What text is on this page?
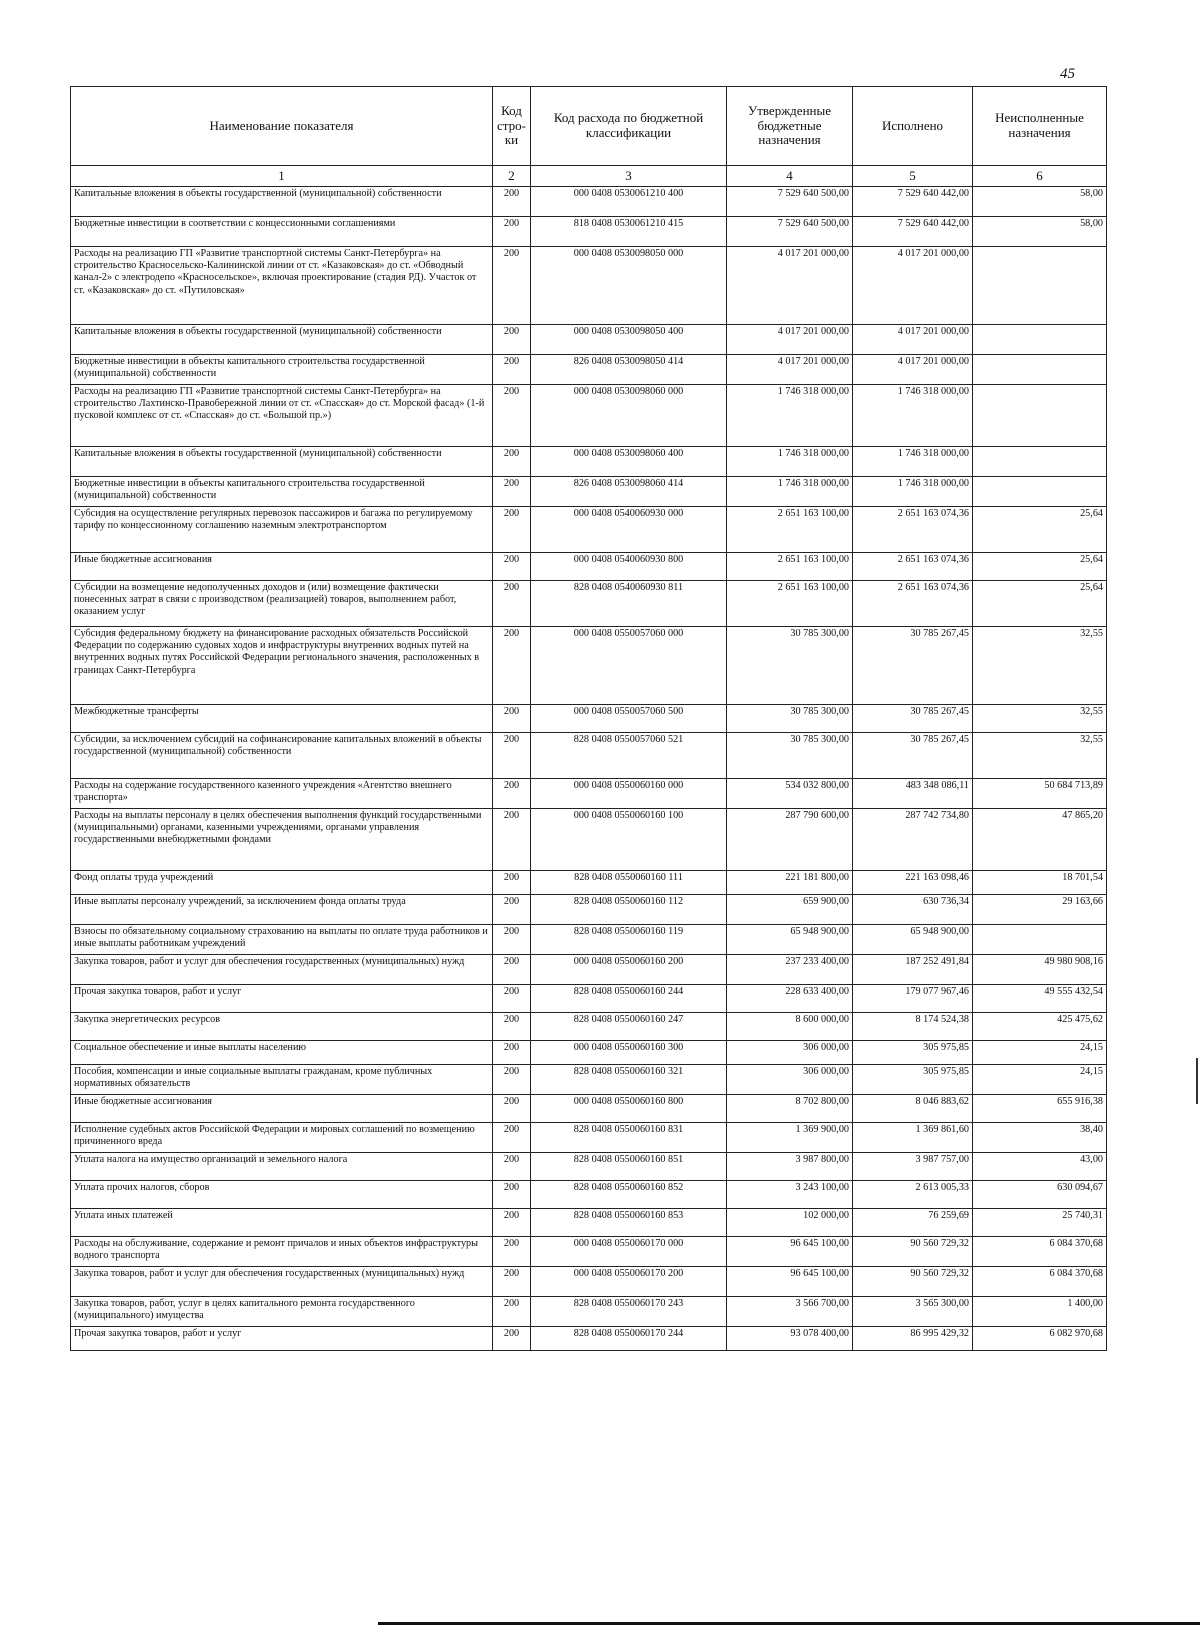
45
Наименование показателя	Код стро-ки	Код расхода по бюджетной классификации	Утвержденные бюджетные назначения	Исполнено	Неисполненные назначения
1	2	3	4	5	6
Капитальные вложения в объекты государственной (муниципальной) собственности	200	000 0408 0530061210 400	7 529 640 500,00	7 529 640 442,00	58,00
Бюджетные инвестиции в соответствии с концессионными соглашениями	200	818 0408 0530061210 415	7 529 640 500,00	7 529 640 442,00	58,00
Расходы на реализацию ГП «Развитие транспортной системы Санкт-Петербурга» на строительство Красносельско-Калининской линии от ст. «Казаковская» до ст. «Обводный канал-2» с электродепо «Красносельское», включая проектирование (стадия РД). Участок от ст. «Казаковская» до ст. «Путиловская»	200	000 0408 0530098050 000	4 017 201 000,00	4 017 201 000,00	
Капитальные вложения в объекты государственной (муниципальной) собственности	200	000 0408 0530098050 400	4 017 201 000,00	4 017 201 000,00	
Бюджетные инвестиции в объекты капитального строительства государственной (муниципальной) собственности	200	826 0408 0530098050 414	4 017 201 000,00	4 017 201 000,00	
Расходы на реализацию ГП «Развитие транспортной системы Санкт-Петербурга» на строительство Лахтинско-Правобережной линии от ст. «Спасская» до ст. Морской фасад» (1-й пусковой комплекс от ст. «Спасская» до ст. «Большой пр.»)	200	000 0408 0530098060 000	1 746 318 000,00	1 746 318 000,00	
Капитальные вложения в объекты государственной (муниципальной) собственности	200	000 0408 0530098060 400	1 746 318 000,00	1 746 318 000,00	
Бюджетные инвестиции в объекты капитального строительства государственной (муниципальной) собственности	200	826 0408 0530098060 414	1 746 318 000,00	1 746 318 000,00	
Субсидия на осуществление регулярных перевозок пассажиров и багажа по регулируемому тарифу по концессионному соглашению наземным электротранспортом	200	000 0408 0540060930 000	2 651 163 100,00	2 651 163 074,36	25,64
Иные бюджетные ассигнования	200	000 0408 0540060930 800	2 651 163 100,00	2 651 163 074,36	25,64
Субсидии на возмещение недополученных доходов и (или) возмещение фактически понесенных затрат в связи с производством (реализацией) товаров, выполнением работ, оказанием услуг	200	828 0408 0540060930 811	2 651 163 100,00	2 651 163 074,36	25,64
Субсидия федеральному бюджету на финансирование расходных обязательств Российской Федерации по содержанию судовых ходов и инфраструктуры внутренних водных путей на внутренних водных путях Российской Федерации регионального значения, расположенных в границах Санкт-Петербурга	200	000 0408 0550057060 000	30 785 300,00	30 785 267,45	32,55
Межбюджетные трансферты	200	000 0408 0550057060 500	30 785 300,00	30 785 267,45	32,55
Субсидии, за исключением субсидий на софинансирование капитальных вложений в объекты государственной (муниципальной) собственности	200	828 0408 0550057060 521	30 785 300,00	30 785 267,45	32,55
Расходы на содержание государственного казенного учреждения «Агентство внешнего транспорта»	200	000 0408 0550060160 000	534 032 800,00	483 348 086,11	50 684 713,89
Расходы на выплаты персоналу в целях обеспечения выполнения функций государственными (муниципальными) органами, казенными учреждениями, органами управления государственными внебюджетными фондами	200	000 0408 0550060160 100	287 790 600,00	287 742 734,80	47 865,20
Фонд оплаты труда учреждений	200	828 0408 0550060160 111	221 181 800,00	221 163 098,46	18 701,54
Иные выплаты персоналу учреждений, за исключением фонда оплаты труда	200	828 0408 0550060160 112	659 900,00	630 736,34	29 163,66
Взносы по обязательному социальному страхованию на выплаты по оплате труда работников и иные выплаты работникам учреждений	200	828 0408 0550060160 119	65 948 900,00	65 948 900,00	
Закупка товаров, работ и услуг для обеспечения государственных (муниципальных) нужд	200	000 0408 0550060160 200	237 233 400,00	187 252 491,84	49 980 908,16
Прочая закупка товаров, работ и услуг	200	828 0408 0550060160 244	228 633 400,00	179 077 967,46	49 555 432,54
Закупка энергетических ресурсов	200	828 0408 0550060160 247	8 600 000,00	8 174 524,38	425 475,62
Социальное обеспечение и иные выплаты населению	200	000 0408 0550060160 300	306 000,00	305 975,85	24,15
Пособия, компенсации и иные социальные выплаты гражданам, кроме публичных нормативных обязательств	200	828 0408 0550060160 321	306 000,00	305 975,85	24,15
Иные бюджетные ассигнования	200	000 0408 0550060160 800	8 702 800,00	8 046 883,62	655 916,38
Исполнение судебных актов Российской Федерации и мировых соглашений по возмещению причиненного вреда	200	828 0408 0550060160 831	1 369 900,00	1 369 861,60	38,40
Уплата налога на имущество организаций и земельного налога	200	828 0408 0550060160 851	3 987 800,00	3 987 757,00	43,00
Уплата прочих налогов, сборов	200	828 0408 0550060160 852	3 243 100,00	2 613 005,33	630 094,67
Уплата иных платежей	200	828 0408 0550060160 853	102 000,00	76 259,69	25 740,31
Расходы на обслуживание, содержание и ремонт причалов и иных объектов инфраструктуры водного транспорта	200	000 0408 0550060170 000	96 645 100,00	90 560 729,32	6 084 370,68
Закупка товаров, работ и услуг для обеспечения государственных (муниципальных) нужд	200	000 0408 0550060170 200	96 645 100,00	90 560 729,32	6 084 370,68
Закупка товаров, работ, услуг в целях капитального ремонта государственного (муниципального) имущества	200	828 0408 0550060170 243	3 566 700,00	3 565 300,00	1 400,00
Прочая закупка товаров, работ и услуг	200	828 0408 0550060170 244	93 078 400,00	86 995 429,32	6 082 970,68
